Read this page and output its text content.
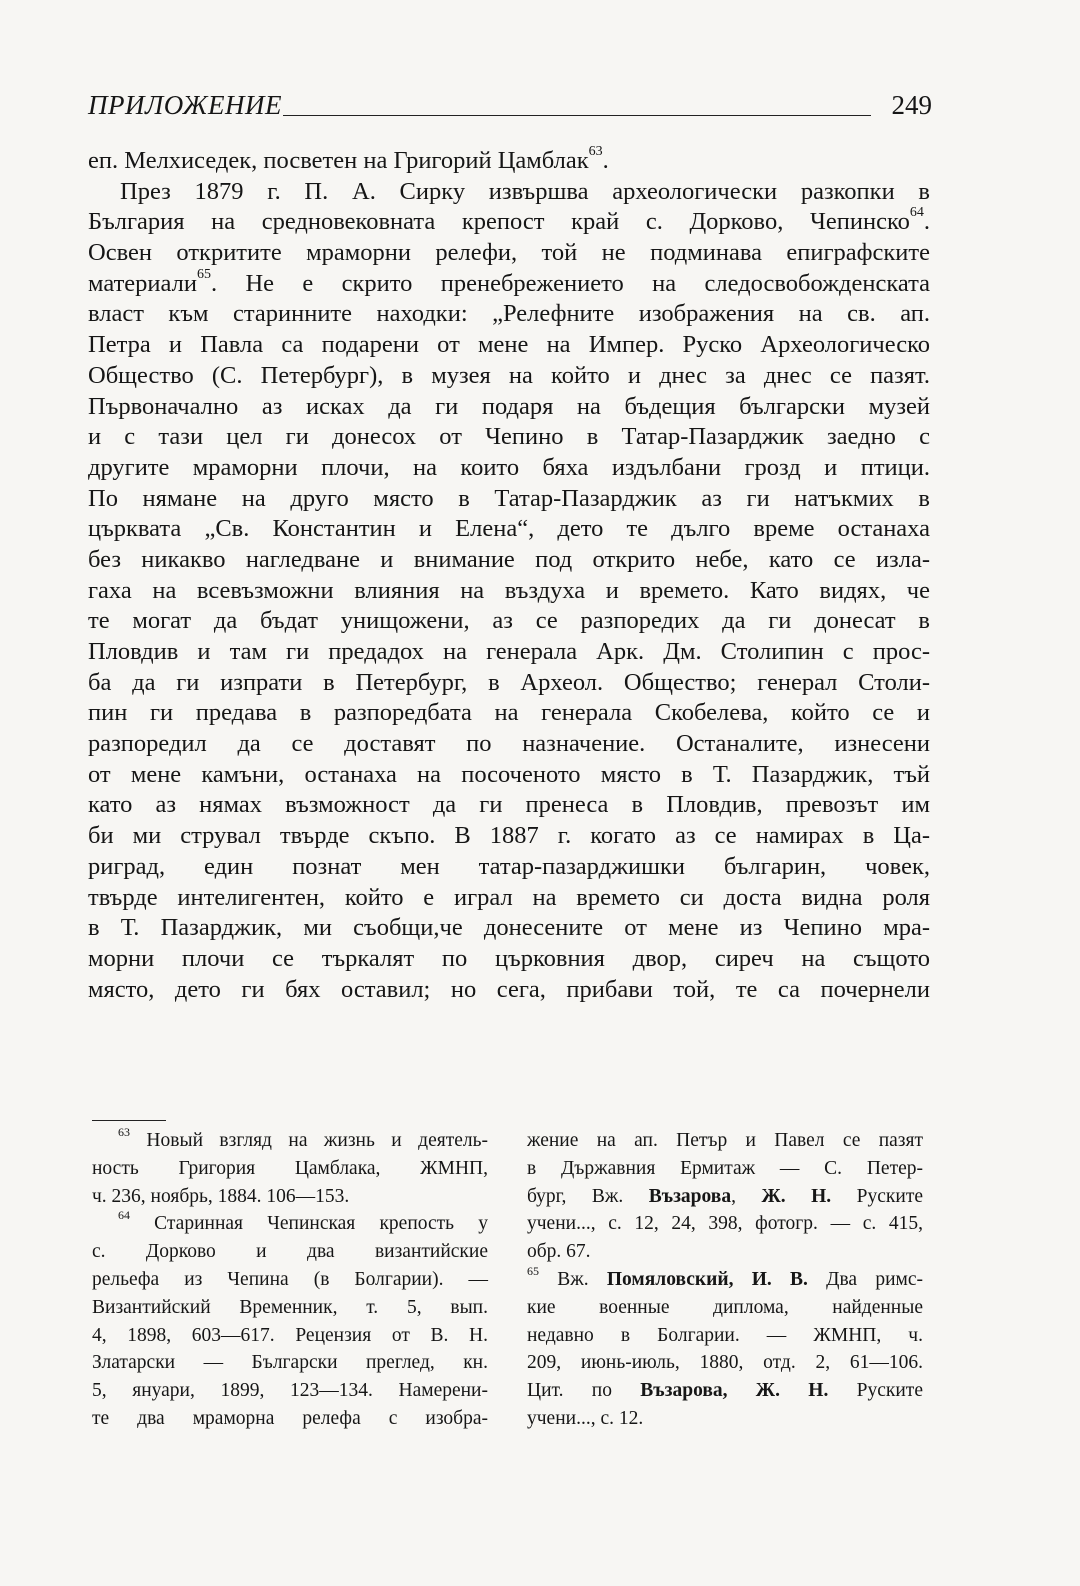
ПРИЛОЖЕНИЕ	249
еп. Мелхиседек, посветен на Григорий Цамблак$^{63}$.
През 1879 г. П. А. Сирку извършва археологически разкопки в
България на средновековната крепост край с. Дорково, Чепинско$^{64}$.
Освен откритите мраморни релефи, той не подминава епиграфските
материали$^{65}$. Не е скрито пренебрежението на следосвобожденската
власт към старинните находки: „Релефните изображения на св. ап.
Петра и Павла са подарени от мене на Импер. Руско Археологическо
Общество (С. Петербург), в музея на който и днес за днес се пазят.
Първоначално аз исках да ги подаря на бъдещия български музей
и с тази цел ги донесох от Чепино в Татар-Пазарджик заедно с
другите мраморни плочи, на които бяха издълбани грозд и птици.
По нямане на друго място в Татар-Пазарджик аз ги натъкмих в
църквата „Св. Константин и Елена“, дето те дълго време останаха
без никакво нагледване и внимание под открито небе, като се изла-
гаха на всевъзможни влияния на въздуха и времето. Като видях, че
те могат да бъдат унищожени, аз се разпоредих да ги донесат в
Пловдив и там ги предадох на генерала Арк. Дм. Столипин с прос-
ба да ги изпрати в Петербург, в Археол. Общество; генерал Столи-
пин ги предава в разпоредбата на генерала Скобелева, който се и
разпоредил да се доставят по назначение. Останалите, изнесени
от мене камъни, останаха на посоченото място в Т. Пазарджик, тъй
като аз нямах възможност да ги пренеса в Пловдив, превозът им
би ми струвал твърде скъпо. В 1887 г. когато аз се намирах в Ца-
риград, един познат мен татар-пазарджишки българин, човек,
твърде интелигентен, който е играл на времето си доста видна роля
в Т. Пазарджик, ми съобщи,че донесените от мене из Чепино мра-
морни плочи се търкалят по църковния двор, сиреч на същото
място, дето ги бях оставил; но сега, прибави той, те са почернели
$^{63}$ Новый взгляд на жизнь и деятель-
ность Григория Цамблака, ЖМНП,
ч. 236, ноябрь, 1884. 106—153.
$^{64}$ Старинная Чепинская крепость у
с. Дорково и два византийские
рельефа из Чепина (в Болгарии). —
Византийский Временник, т. 5, вып.
4, 1898, 603—617. Рецензия от В. Н.
Златарски — Български преглед, кн.
5, януари, 1899, 123—134. Намерени-
те два мраморна релефа с изобра-
жение на ап. Петър и Павел се пазят
в Държавния Ермитаж — С. Петер-
бург, Вж. Възарова, Ж. Н. Руските
учени..., с. 12, 24, 398, фотогр. — с. 415,
обр. 67.
$^{65}$ Вж. Помяловский, И. В. Два римс-
кие военные диплома, найденные
недавно в Болгарии. — ЖМНП, ч.
209, июнь-июль, 1880, отд. 2, 61—106.
Цит. по Възарова, Ж. Н. Руските
учени..., с. 12.
